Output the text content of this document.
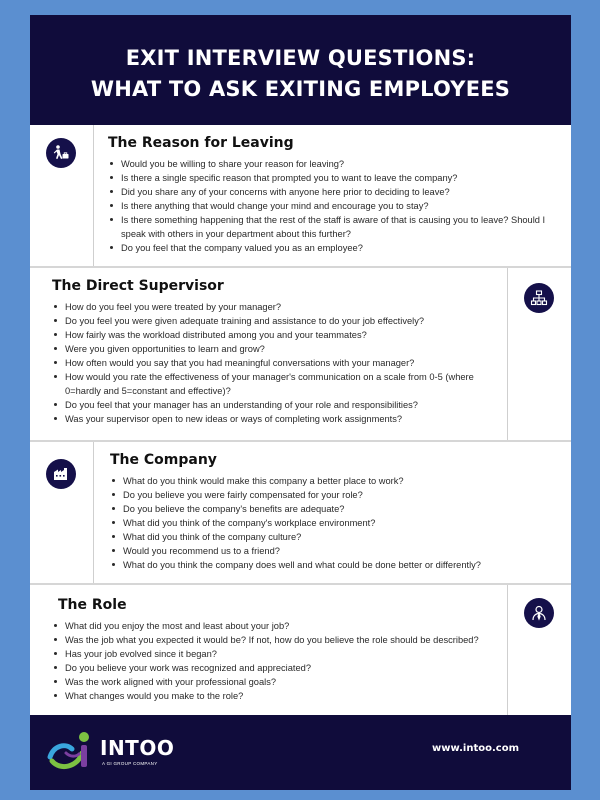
EXIT INTERVIEW QUESTIONS:
WHAT TO ASK EXITING EMPLOYEES
The Reason for Leaving
Would you be willing to share your reason for leaving?
Is there a single specific reason that prompted you to want to leave the company?
Did you share any of your concerns with anyone here prior to deciding to leave?
Is there anything that would change your mind and encourage you to stay?
Is there something happening that the rest of the staff is aware of that is causing you to leave? Should I speak with others in your department about this further?
Do you feel that the company valued you as an employee?
The Direct Supervisor
How do you feel you were treated by your manager?
Do you feel you were given adequate training and assistance to do your job effectively?
How fairly was the workload distributed among you and your teammates?
Were you given opportunities to learn and grow?
How often would you say that you had meaningful conversations with your manager?
How would you rate the effectiveness of your manager's communication on a scale from 0-5 (where 0=hardly and 5=constant and effective)?
Do you feel that your manager has an understanding of your role and responsibilities?
Was your supervisor open to new ideas or ways of completing work assignments?
The Company
What do you think would make this company a better place to work?
Do you believe you were fairly compensated for your role?
Do you believe the company's benefits are adequate?
What did you think of the company's workplace environment?
What did you think of the company culture?
Would you recommend us to a friend?
What do you think the company does well and what could be done better or differently?
The Role
What did you enjoy the most and least about your job?
Was the job what you expected it would be? If not, how do you believe the role should be described?
Has your job evolved since it began?
Do you believe your work was recognized and appreciated?
Was the work aligned with your professional goals?
What changes would you make to the role?
INTOO
A GI GROUP COMPANY
www.intoo.com
